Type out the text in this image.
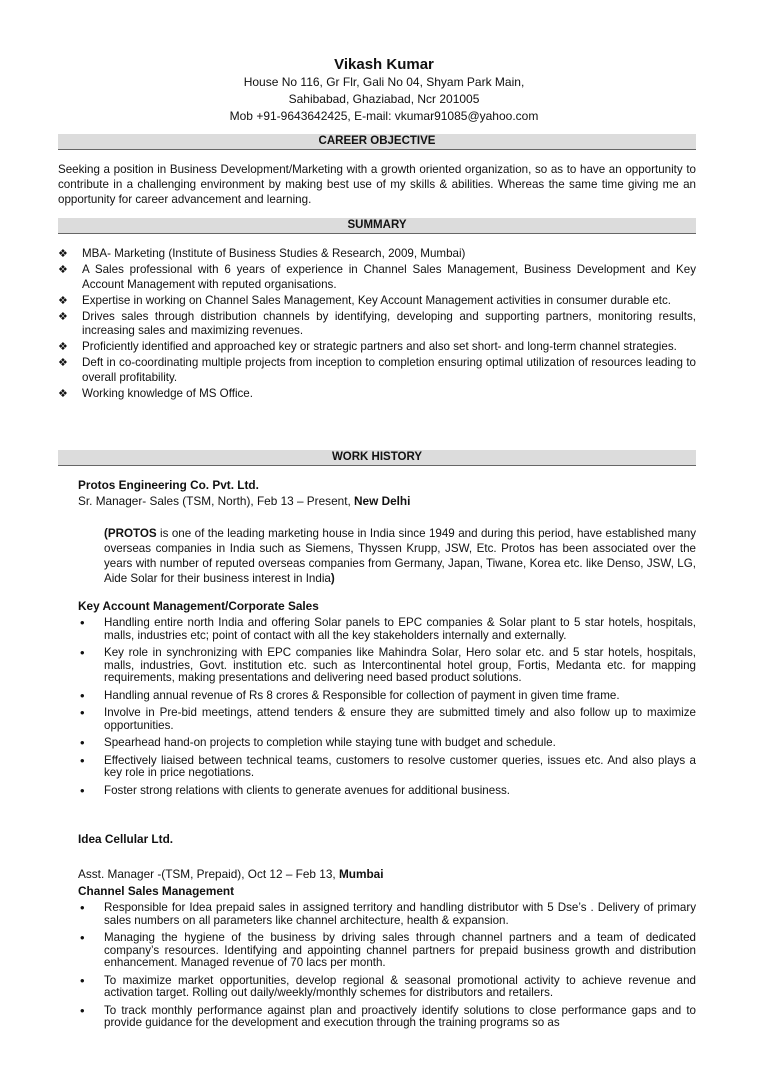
Vikash Kumar
House No 116, Gr Flr, Gali No 04, Shyam Park Main,
Sahibabad, Ghaziabad, Ncr 201005
Mob +91-9643642425, E-mail: vkumar91085@yahoo.com
CAREER OBJECTIVE
Seeking a position in Business Development/Marketing with a growth oriented organization, so as to have an opportunity to contribute in a challenging environment by making best use of my skills & abilities. Whereas the same time giving me an opportunity for career advancement and learning.
SUMMARY
❖ MBA- Marketing (Institute of Business Studies & Research, 2009, Mumbai)
❖ A Sales professional with 6 years of experience in Channel Sales Management, Business Development and Key Account Management with reputed organisations.
❖ Expertise in working on Channel Sales Management, Key Account Management activities in consumer durable etc.
❖ Drives sales through distribution channels by identifying, developing and supporting partners, monitoring results, increasing sales and maximizing revenues.
❖ Proficiently identified and approached key or strategic partners and also set short- and long-term channel strategies.
❖ Deft in co-coordinating multiple projects from inception to completion ensuring optimal utilization of resources leading to overall profitability.
❖ Working knowledge of MS Office.
WORK HISTORY
Protos Engineering Co. Pvt. Ltd.
Sr. Manager- Sales (TSM, North), Feb 13 – Present, New Delhi
(PROTOS is one of the leading marketing house in India since 1949 and during this period, have established many overseas companies in India such as Siemens, Thyssen Krupp, JSW, Etc. Protos has been associated over the years with number of reputed overseas companies from Germany, Japan, Tiwane, Korea etc. like Denso, JSW, LG, Aide Solar for their business interest in India)
Key Account Management/Corporate Sales
• Handling entire north India and offering Solar panels to EPC companies & Solar plant to 5 star hotels, hospitals, malls, industries etc; point of contact with all the key stakeholders internally and externally.
• Key role in synchronizing with EPC companies like Mahindra Solar, Hero solar etc. and 5 star hotels, hospitals, malls, industries, Govt. institution etc. such as Intercontinental hotel group, Fortis, Medanta etc. for mapping requirements, making presentations and delivering need based product solutions.
• Handling annual revenue of Rs 8 crores & Responsible for collection of payment in given time frame.
• Involve in Pre-bid meetings, attend tenders & ensure they are submitted timely and also follow up to maximize opportunities.
• Spearhead hand-on projects to completion while staying tune with budget and schedule.
• Effectively liaised between technical teams, customers to resolve customer queries, issues etc. And also plays a key role in price negotiations.
• Foster strong relations with clients to generate avenues for additional business.
Idea Cellular Ltd.
Asst. Manager -(TSM, Prepaid), Oct 12 – Feb 13, Mumbai
Channel Sales Management
• Responsible for Idea prepaid sales in assigned territory and handling distributor with 5 Dse’s . Delivery of primary sales numbers on all parameters like channel architecture, health & expansion.
• Managing the hygiene of the business by driving sales through channel partners and a team of dedicated company’s resources. Identifying and appointing channel partners for prepaid business growth and distribution enhancement. Managed revenue of 70 lacs per month.
• To maximize market opportunities, develop regional & seasonal promotional activity to achieve revenue and activation target. Rolling out daily/weekly/monthly schemes for distributors and retailers.
• To track monthly performance against plan and proactively identify solutions to close performance gaps and to provide guidance for the development and execution through the training programs so as
